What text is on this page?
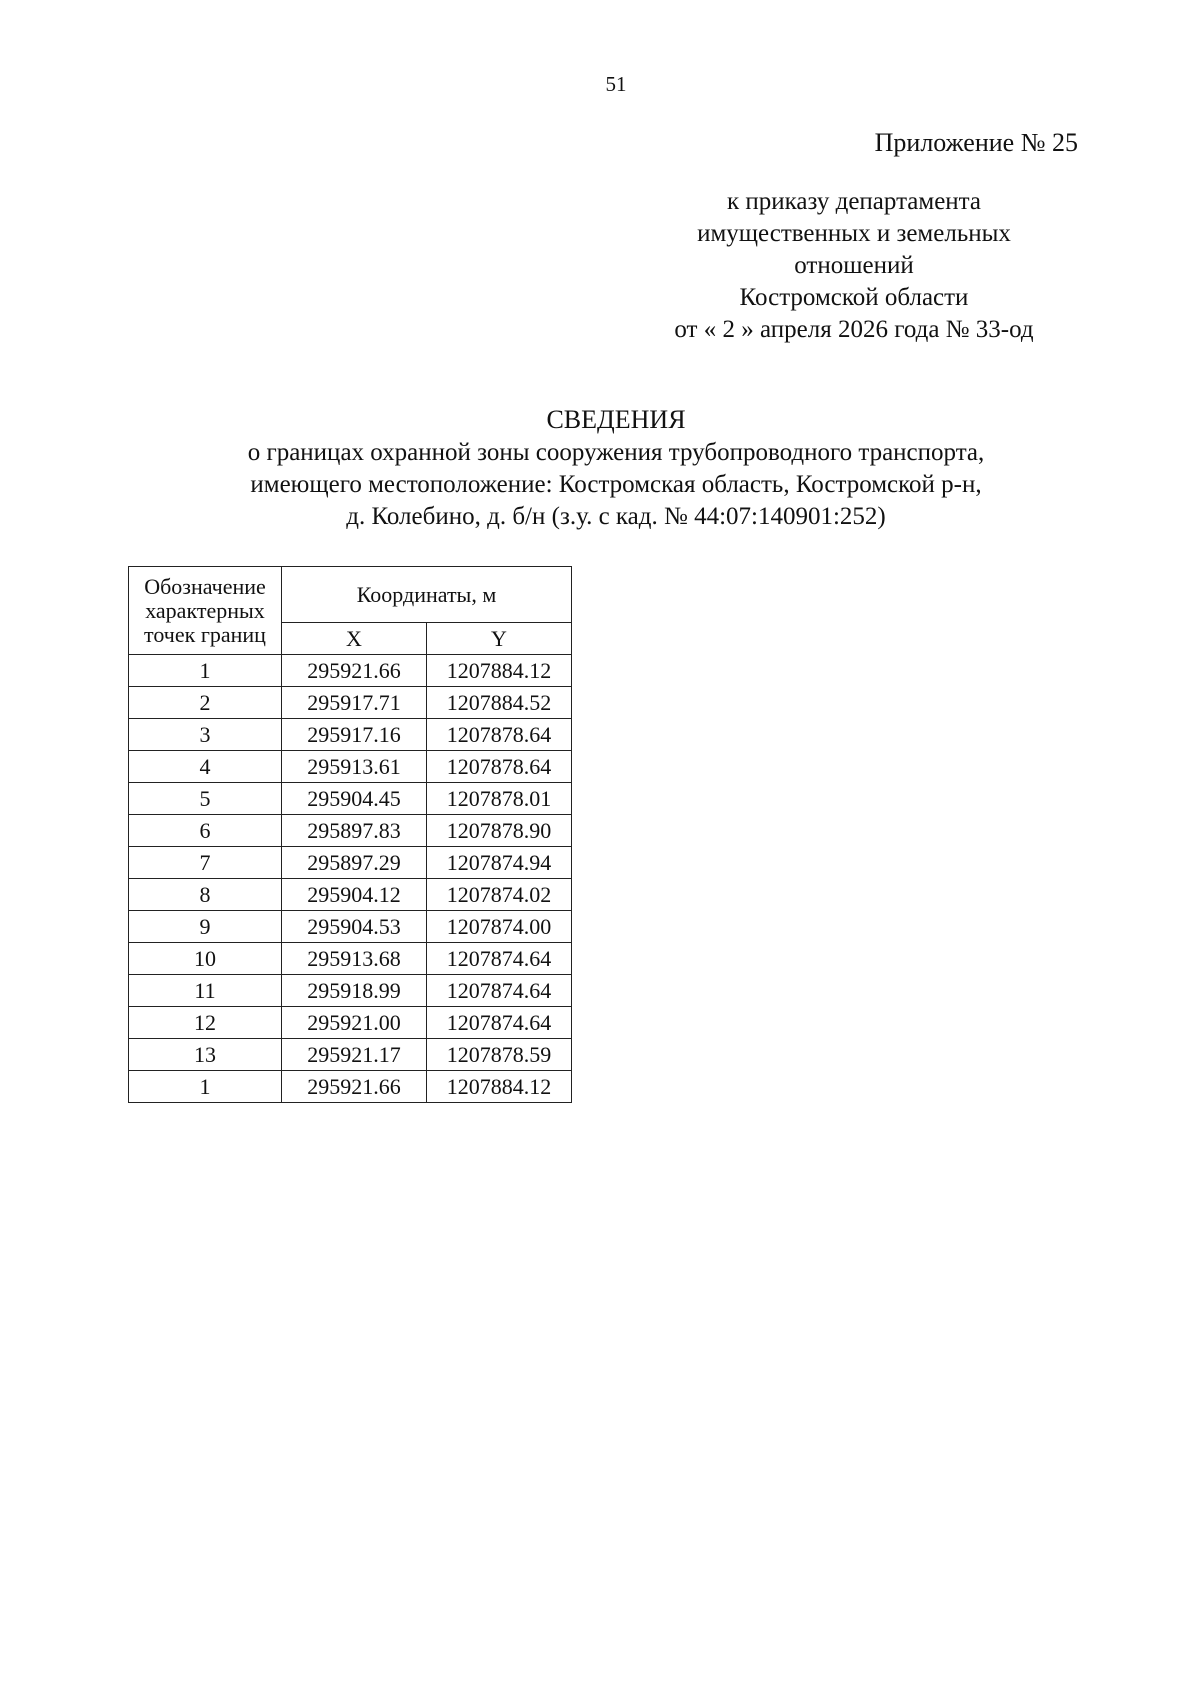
51
Приложение № 25
к приказу департамента
имущественных и земельных
отношений
Костромской области
от « 2 » апреля 2026 года № 33-од
СВЕДЕНИЯ
о границах охранной зоны сооружения трубопроводного транспорта,
имеющего местоположение: Костромская область, Костромской р-н,
д. Колебино, д. б/н (з.у. с кад. № 44:07:140901:252)
Обозначение
характерных
точек границ	Координаты, м	
	X	Y
1	295921.66	1207884.12
2	295917.71	1207884.52
3	295917.16	1207878.64
4	295913.61	1207878.64
5	295904.45	1207878.01
6	295897.83	1207878.90
7	295897.29	1207874.94
8	295904.12	1207874.02
9	295904.53	1207874.00
10	295913.68	1207874.64
11	295918.99	1207874.64
12	295921.00	1207874.64
13	295921.17	1207878.59
1	295921.66	1207884.12
